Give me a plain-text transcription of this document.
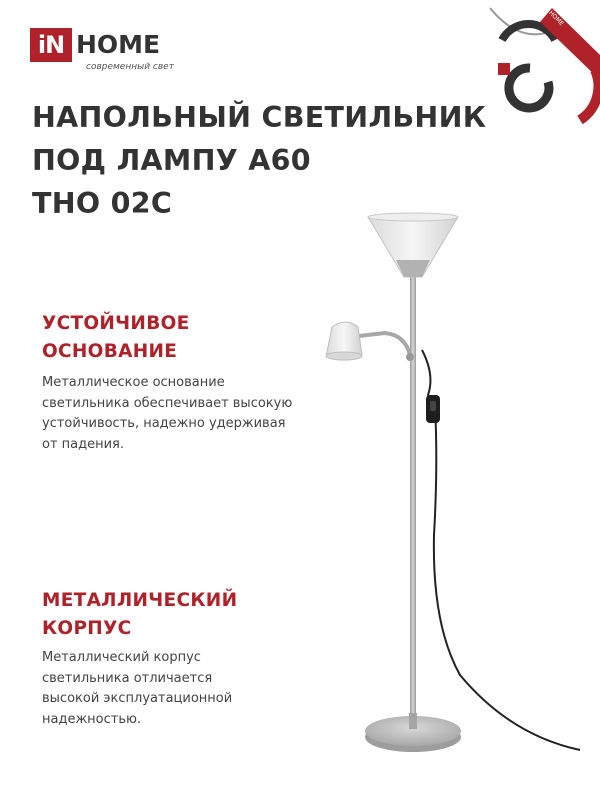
IN HOME
iN HOME
современный свет
НАПОЛЬНЫЙ СВЕТИЛЬНИК
ПОД ЛАМПУ А60
ТНО 02С
УСТОЙЧИВОЕ
ОСНОВАНИЕ
Металлическое основание
светильника обеспечивает высокую
устойчивость, надежно удерживая
от падения.
МЕТАЛЛИЧЕСКИЙ
КОРПУС
Металлический корпус
светильника отличается
высокой эксплуатационной
надежностью.
